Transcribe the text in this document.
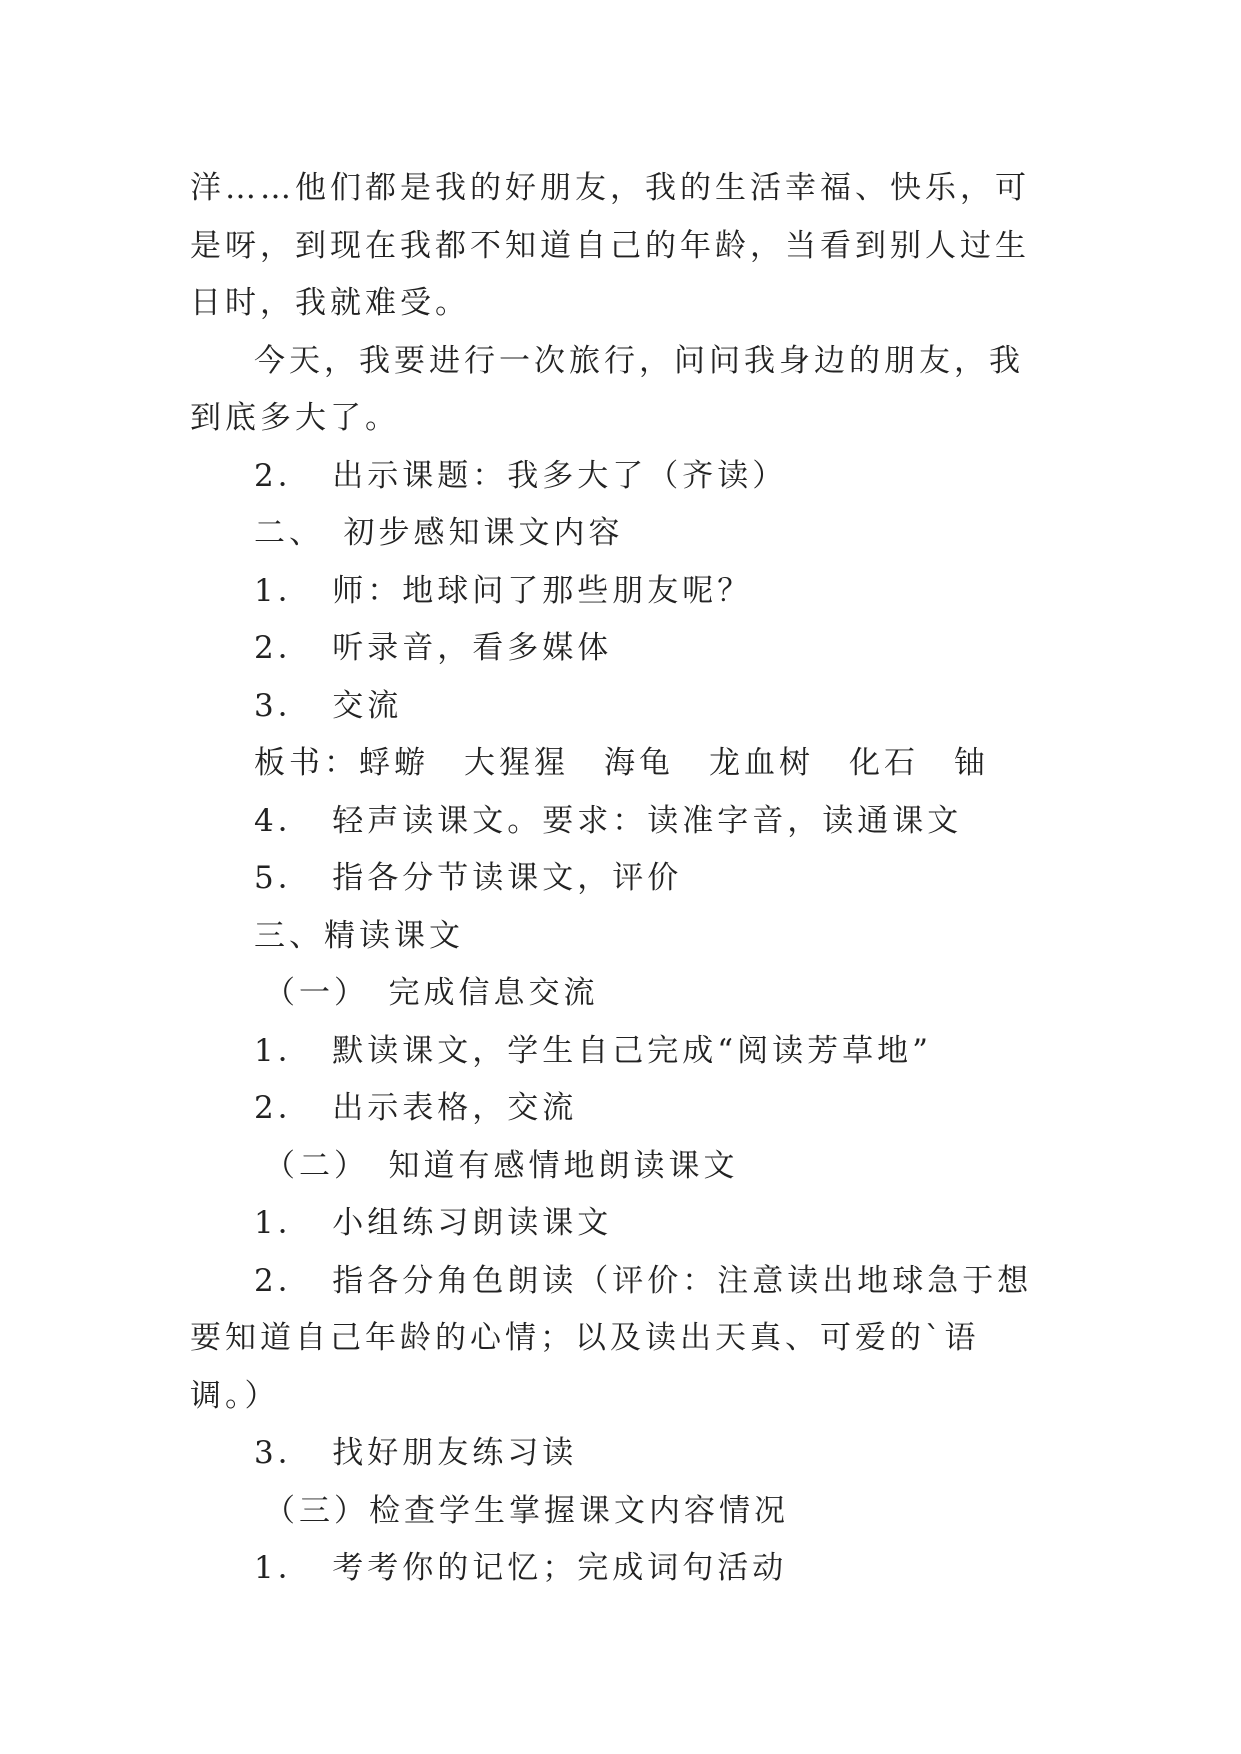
洋……他们都是我的好朋友，我的生活幸福、快乐，可是呀，到现在我都不知道自己的年龄，当看到别人过生日时，我就难受。

今天，我要进行一次旅行，问问我身边的朋友，我到底多大了。

2．　出示课题：我多大了（齐读）

二、　初步感知课文内容

1．　师：地球问了那些朋友呢？

2．　听录音，看多媒体

3．　交流

板书：蜉蝣　大猩猩　海龟　龙血树　化石　铀

4．　轻声读课文。要求：读准字音，读通课文

5．　指各分节读课文，评价

三、精读课文

（一）　完成信息交流

1．　默读课文，学生自己完成“阅读芳草地”

2．　出示表格，交流

（二）　知道有感情地朗读课文

1．　小组练习朗读课文

2．　指各分角色朗读（评价：注意读出地球急于想要知道自己年龄的心情；以及读出天真、可爱的`语调。）

3．　找好朋友练习读

（三）检查学生掌握课文内容情况

1．　考考你的记忆；完成词句活动
